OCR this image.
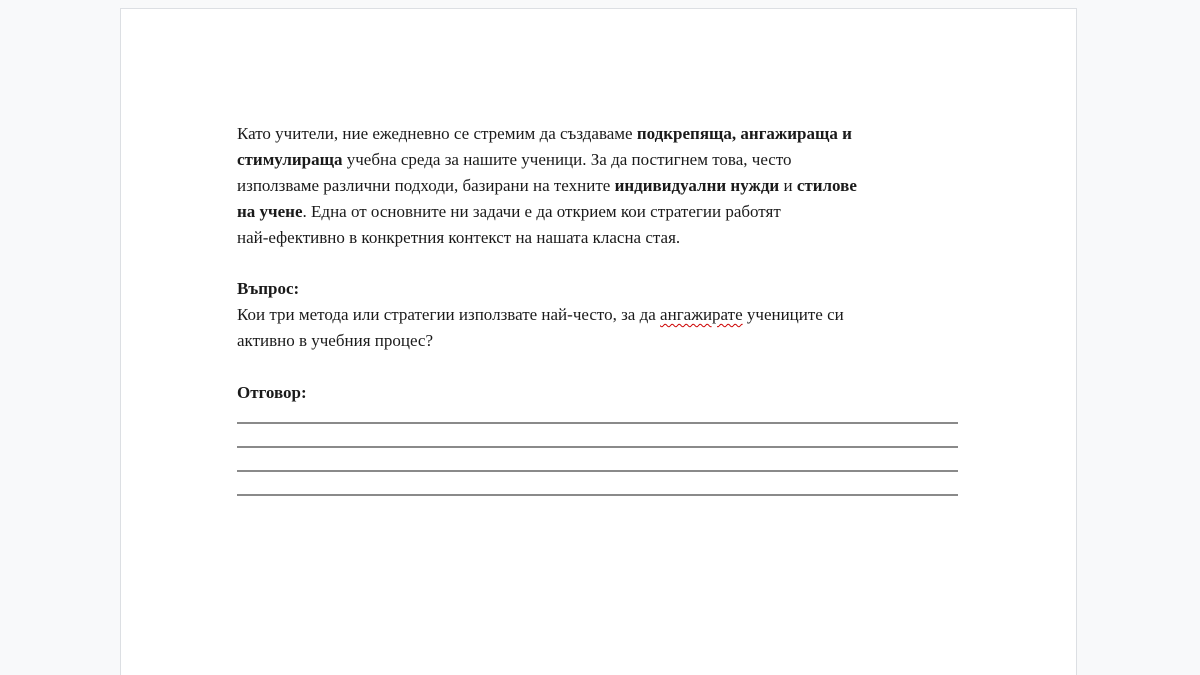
Като учители, ние ежедневно се стремим да създаваме подкрепяща, ангажираща и
стимулираща учебна среда за нашите ученици. За да постигнем това, често
използваме различни подходи, базирани на техните индивидуални нужди и стилове
на учене. Една от основните ни задачи е да открием кои стратегии работят
най-ефективно в конкретния контекст на нашата класна стая.
Въпрос:
Кои три метода или стратегии използвате най-често, за да ангажирате учениците си
активно в учебния процес?
Отговор:
